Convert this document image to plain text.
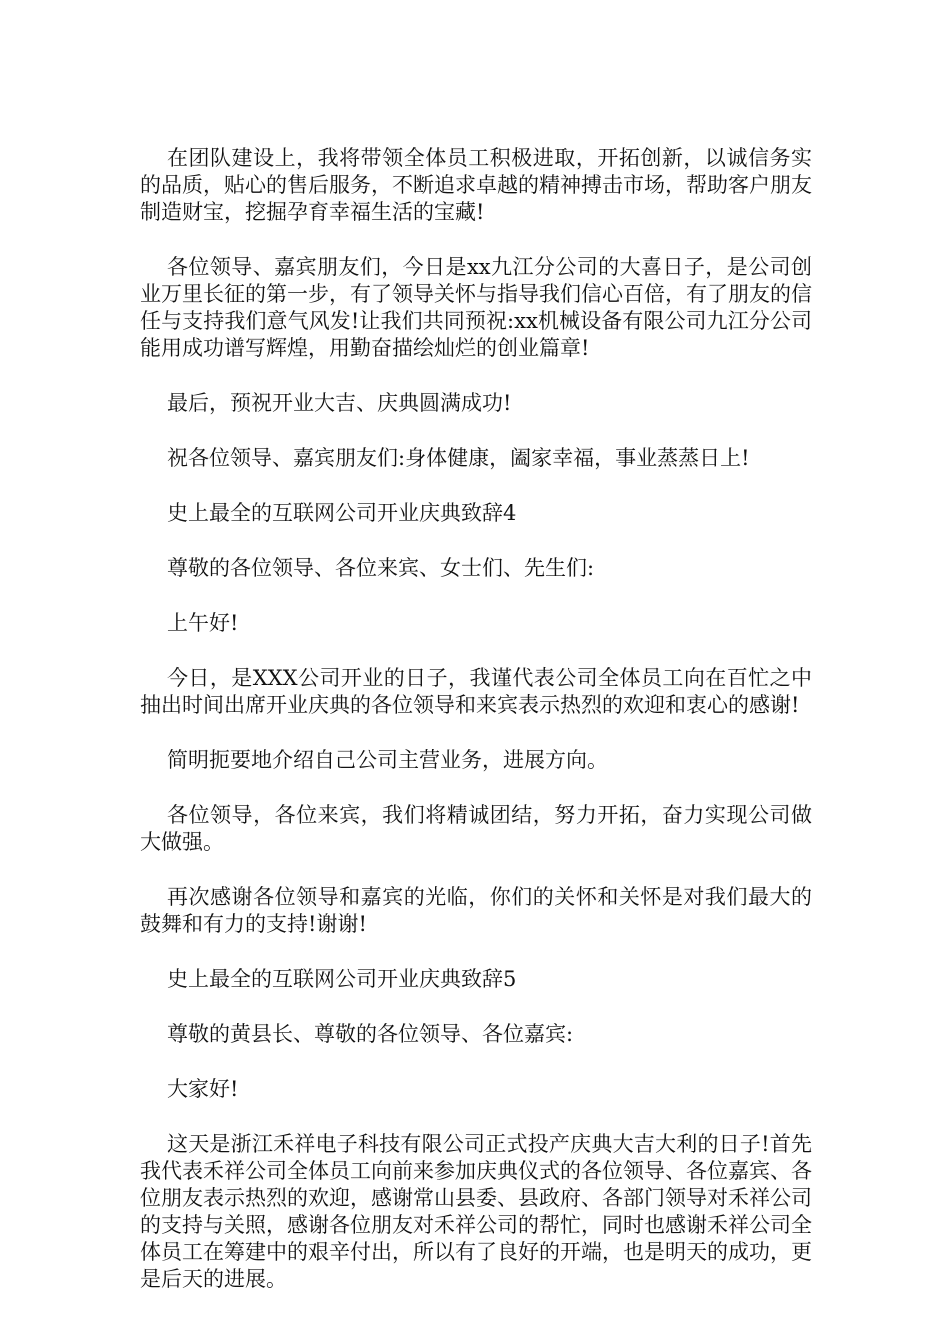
在团队建设上，我将带领全体员工积极进取，开拓创新，以诚信务实的品质，贴心的售后服务，不断追求卓越的精神搏击市场，帮助客户朋友制造财宝，挖掘孕育幸福生活的宝藏!

各位领导、嘉宾朋友们，今日是xx九江分公司的大喜日子，是公司创业万里长征的第一步，有了领导关怀与指导我们信心百倍，有了朋友的信任与支持我们意气风发!让我们共同预祝:xx机械设备有限公司九江分公司能用成功谱写辉煌，用勤奋描绘灿烂的创业篇章!

最后，预祝开业大吉、庆典圆满成功!

祝各位领导、嘉宾朋友们:身体健康，阖家幸福，事业蒸蒸日上!

史上最全的互联网公司开业庆典致辞4

尊敬的各位领导、各位来宾、女士们、先生们:

上午好!

今日，是XXX公司开业的日子，我谨代表公司全体员工向在百忙之中抽出时间出席开业庆典的各位领导和来宾表示热烈的欢迎和衷心的感谢!

简明扼要地介绍自己公司主营业务，进展方向。

各位领导，各位来宾，我们将精诚团结，努力开拓，奋力实现公司做大做强。

再次感谢各位领导和嘉宾的光临，你们的关怀和关怀是对我们最大的鼓舞和有力的支持!谢谢!

史上最全的互联网公司开业庆典致辞5

尊敬的黄县长、尊敬的各位领导、各位嘉宾:

大家好!

这天是浙江禾祥电子科技有限公司正式投产庆典大吉大利的日子!首先我代表禾祥公司全体员工向前来参加庆典仪式的各位领导、各位嘉宾、各位朋友表示热烈的欢迎，感谢常山县委、县政府、各部门领导对禾祥公司的支持与关照，感谢各位朋友对禾祥公司的帮忙，同时也感谢禾祥公司全体员工在筹建中的艰辛付出，所以有了良好的开端，也是明天的成功，更是后天的进展。
